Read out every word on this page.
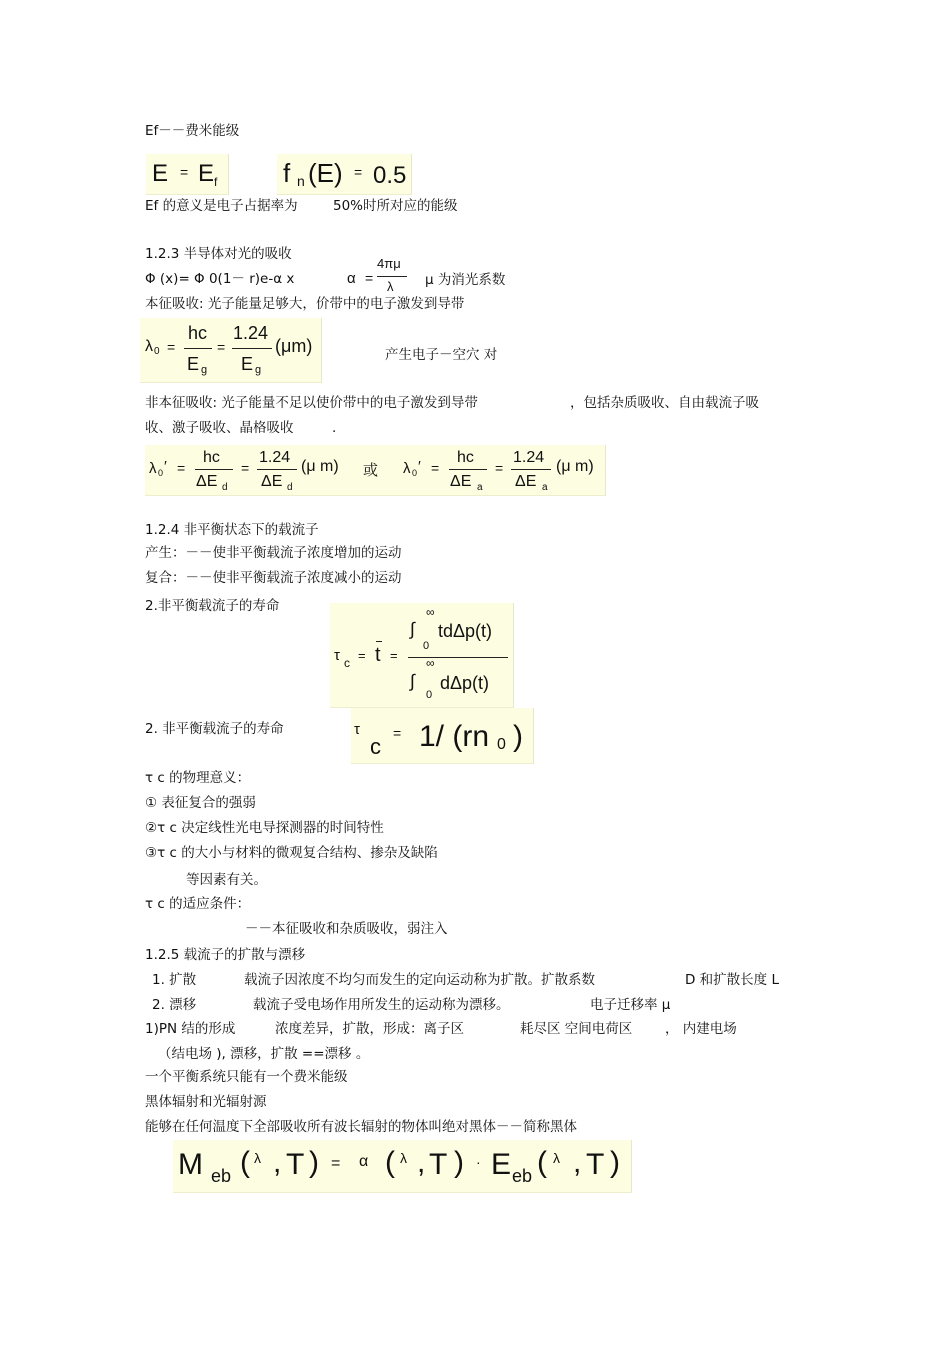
Ef－－费米能级
E = E f	f n (E) = 0.5
Ef 的意义是电子占据率为	50%时所对应的能级
1.2.3 半导体对光的吸收
Φ (x)= Φ 0(1－ r)e-α x	α =
4πμ
λ μ 为消光系数
本征吸收: 光子能量足够大，价带中的电子激发到导带
λ 0 =
hc
E g
=
1.24
E g
(μm)	产生电子－空穴 对
非本征吸收: 光子能量不足以使价带中的电子激发到导带	，包括杂质吸收、自由载流子吸
收、激子吸收、晶格吸收	.
λ 0 ′ =
hc
ΔE d
=
1.24
ΔE d
(μ m) 或 λ 0 ′ =
hc
ΔE a
=
1.24
ΔE a
(μ m)
1.2.4 非平衡状态下的载流子
产生：－－使非平衡载流子浓度增加的运动
复合：－－使非平衡载流子浓度减小的运动
2.非平衡载流子的寿命
τ c = t =
∞
∫
0
tdΔp(t)
∞
∫
0
dΔp(t)
2. 非平衡载流子的寿命	τ
c
= 1/ (rn 0 )
τ c 的物理意义：
① 表征复合的强弱
②τ c 决定线性光电导探测器的时间特性
③τ c 的大小与材料的微观复合结构、掺杂及缺陷
等因素有关。
τ c 的适应条件：
－－本征吸收和杂质吸收，弱注入
1.2.5 载流子的扩散与漂移
1. 扩散	载流子因浓度不均匀而发生的定向运动称为扩散。扩散系数	D 和扩散长度 L
2. 漂移	载流子受电场作用所发生的运动称为漂移。	电子迁移率 μ
1)PN 结的形成	浓度差异，扩散，形成：离子区	耗尽区 空间电荷区 ， 内建电场
（结电场 ), 漂移，扩散 ==漂移 。
一个平衡系统只能有一个费米能级
黑体辐射和光辐射源
能够在任何温度下全部吸收所有波长辐射的物体叫绝对黑体－－简称黑体
M eb ( λ , T ) = α ( λ , T ) · E eb ( λ , T )
